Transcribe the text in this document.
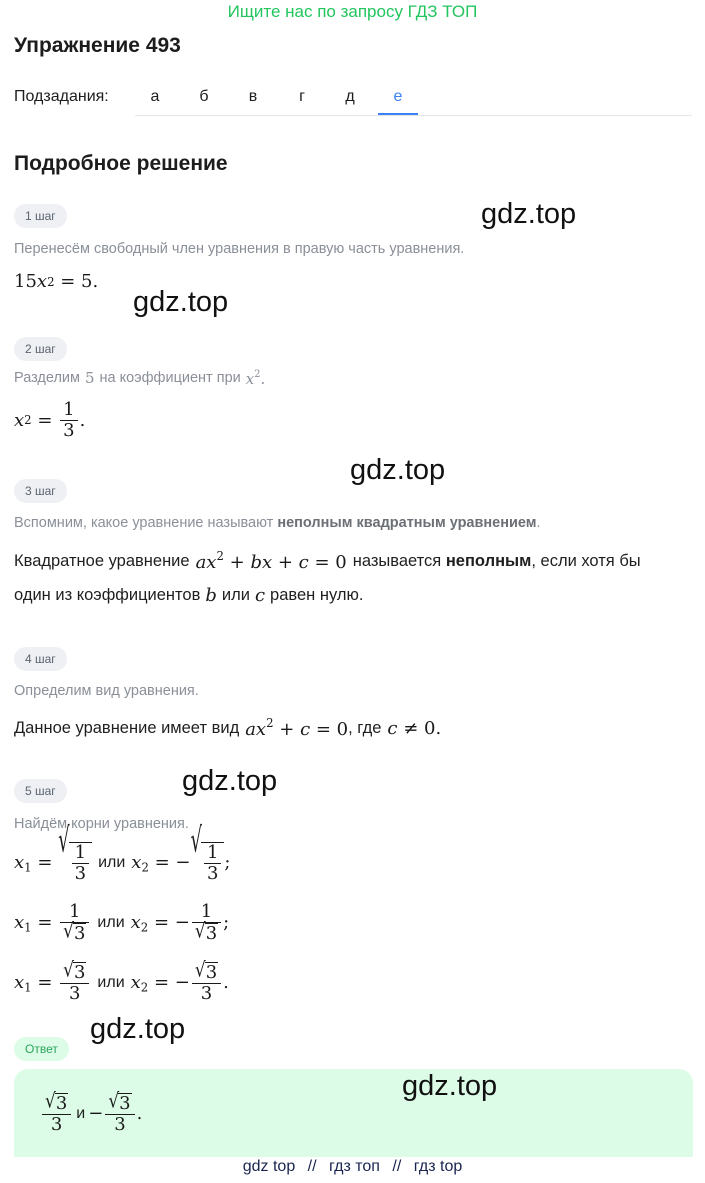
Ищите нас по запросу ГДЗ ТОП
Упражнение 493
Подзадания:	а	б	в	г	д	е
Подробное решение
1 шаг
Перенесём свободный член уравнения в правую часть уравнения.
15 x 2 = 5.
2 шаг
Разделим 5 на коэффициент при $x^2$.
x $2 = \frac{1}{3}$ .
3 шаг
Вспомним, какое уравнение называют неполным квадратным уравнением.
Квадратное уравнение $ax^2$ + bx + c = 0 называется
неполным , если хотя бы
один из коэффициентов b или c равен нулю.
4 шаг
Определим вид уравнения.
Данное уравнение имеет вид $ax^2 + c = 0$ , где c ≠ 0.
5 шаг
Найдём корни уравнения.
$x_1$ =
√
$\frac{1}{3}$ или $x_2$ = −
√
$\frac{1}{3}$ ;
$x_1 = \frac{1}{√ 3}$ или $x_2$ = − $\frac{1}{√ 3}$ ;
$x_1 = \frac{√ 3}{3}$ или $x_2$ = − $\frac{√ 3}{3}$ .
Ответ
$\frac{√ 3}{3}$ $и - \frac{√ 3}{3}$ .
gdz.top
gdz.top
gdz.top
gdz.top
gdz.top
gdz.top
gdz top // гдз топ // гдз top
